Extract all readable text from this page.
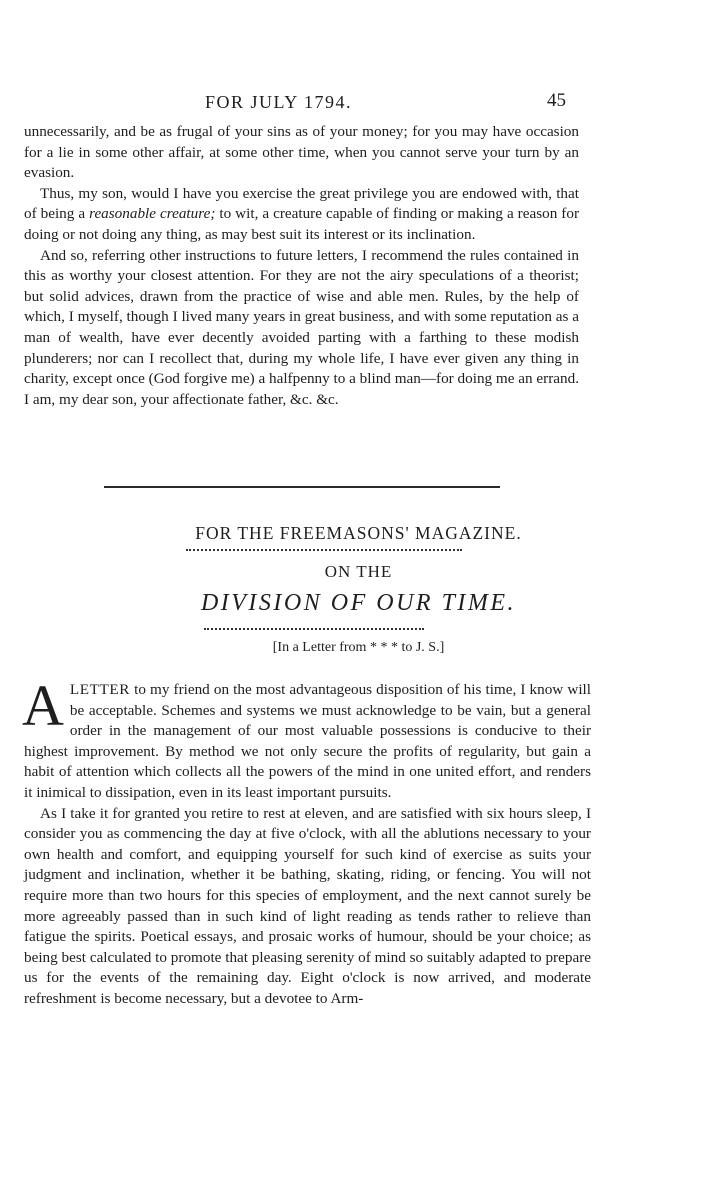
FOR JULY 1794.	45

unnecessarily, and be as frugal of your sins as of your money; for you may have occasion for a lie in some other affair, at some other time, when you cannot serve your turn by an evasion.

Thus, my son, would I have you exercise the great privilege you are endowed with, that of being a reasonable creature; to wit, a creature capable of finding or making a reason for doing or not doing any thing, as may best suit its interest or its inclination.

And so, referring other instructions to future letters, I recommend the rules contained in this as worthy your closest attention. For they are not the airy speculations of a theorist; but solid advices, drawn from the practice of wise and able men. Rules, by the help of which, I myself, though I lived many years in great business, and with some reputation as a man of wealth, have ever decently avoided parting with a farthing to these modish plunderers; nor can I recollect that, during my whole life, I have ever given any thing in charity, except once (God forgive me) a halfpenny to a blind man—for doing me an errand. I am, my dear son, your affectionate father, &c. &c.

FOR THE FREEMASONS' MAGAZINE.
ON THE
DIVISION OF OUR TIME.
[In a Letter from * * * to J. S.]

ALETTER to my friend on the most advantageous disposition of his time, I know will be acceptable. Schemes and systems we must acknowledge to be vain, but a general order in the management of our most valuable possessions is conducive to their highest improvement. By method we not only secure the profits of regularity, but gain a habit of attention which collects all the powers of the mind in one united effort, and renders it inimical to dissipation, even in its least important pursuits.

As I take it for granted you retire to rest at eleven, and are satisfied with six hours sleep, I consider you as commencing the day at five o'clock, with all the ablutions necessary to your own health and comfort, and equipping yourself for such kind of exercise as suits your judgment and inclination, whether it be bathing, skating, riding, or fencing. You will not require more than two hours for this species of employment, and the next cannot surely be more agreeably passed than in such kind of light reading as tends rather to relieve than fatigue the spirits. Poetical essays, and prosaic works of humour, should be your choice; as being best calculated to promote that pleasing serenity of mind so suitably adapted to prepare us for the events of the remaining day. Eight o'clock is now arrived, and moderate refreshment is become necessary, but a devotee to Arm-
